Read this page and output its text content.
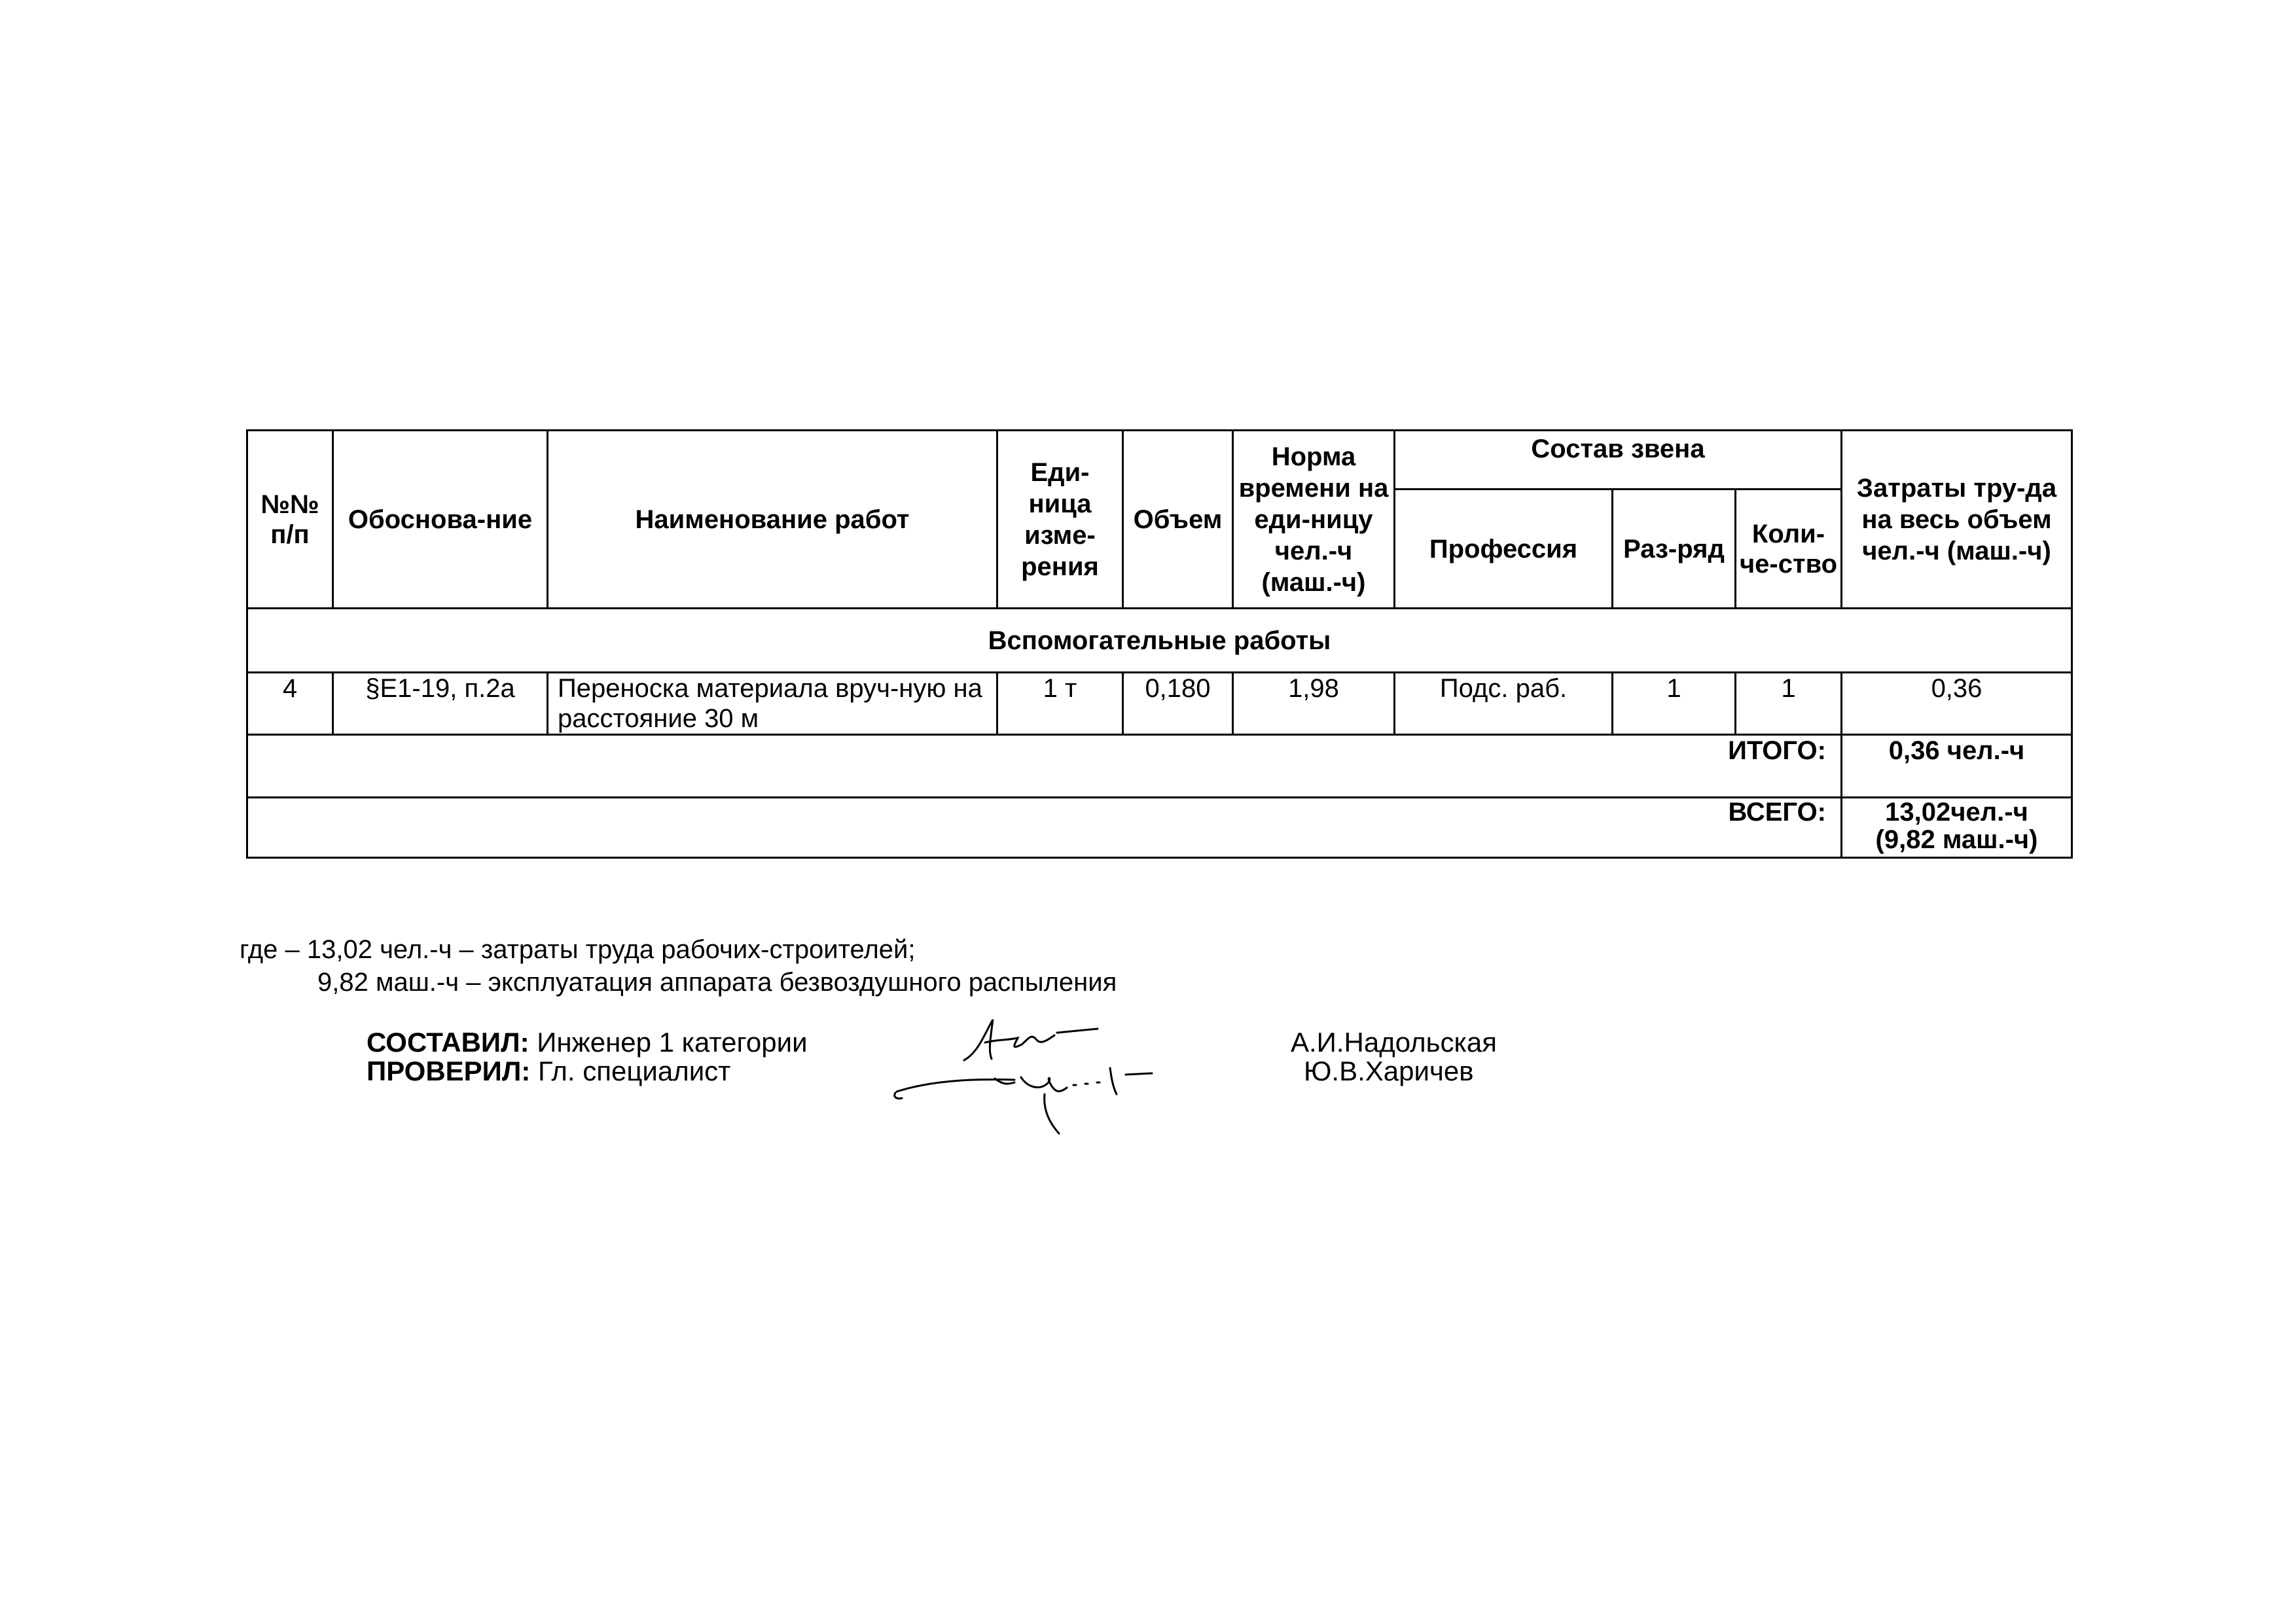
№№ п/п	Обоснова-ние	Наименование работ	Еди-ница изме-рения	Объем	Норма времени на еди-ницу чел.-ч (маш.-ч)	Состав звена			Затраты тру-да на весь объем чел.-ч (маш.-ч)
						Профессия	Раз-ряд	Коли-че-ство	
Вспомогательные работы									
4	§Е1-19, п.2а	Переноска материала вруч-ную на расстояние 30 м	1 т	0,180	1,98	Подс. раб.	1	1	0,36
ИТОГО:									0,36 чел.-ч
ВСЕГО:									13,02чел.-ч
(9,82 маш.-ч)
где – 13,02 чел.-ч – затраты труда рабочих-строителей;
9,82 маш.-ч – эксплуатация аппарата безвоздушного распыления
СОСТАВИЛ: Инженер 1 категории
ПРОВЕРИЛ: Гл. специалист
А.И.Надольская
Ю.В.Харичев
